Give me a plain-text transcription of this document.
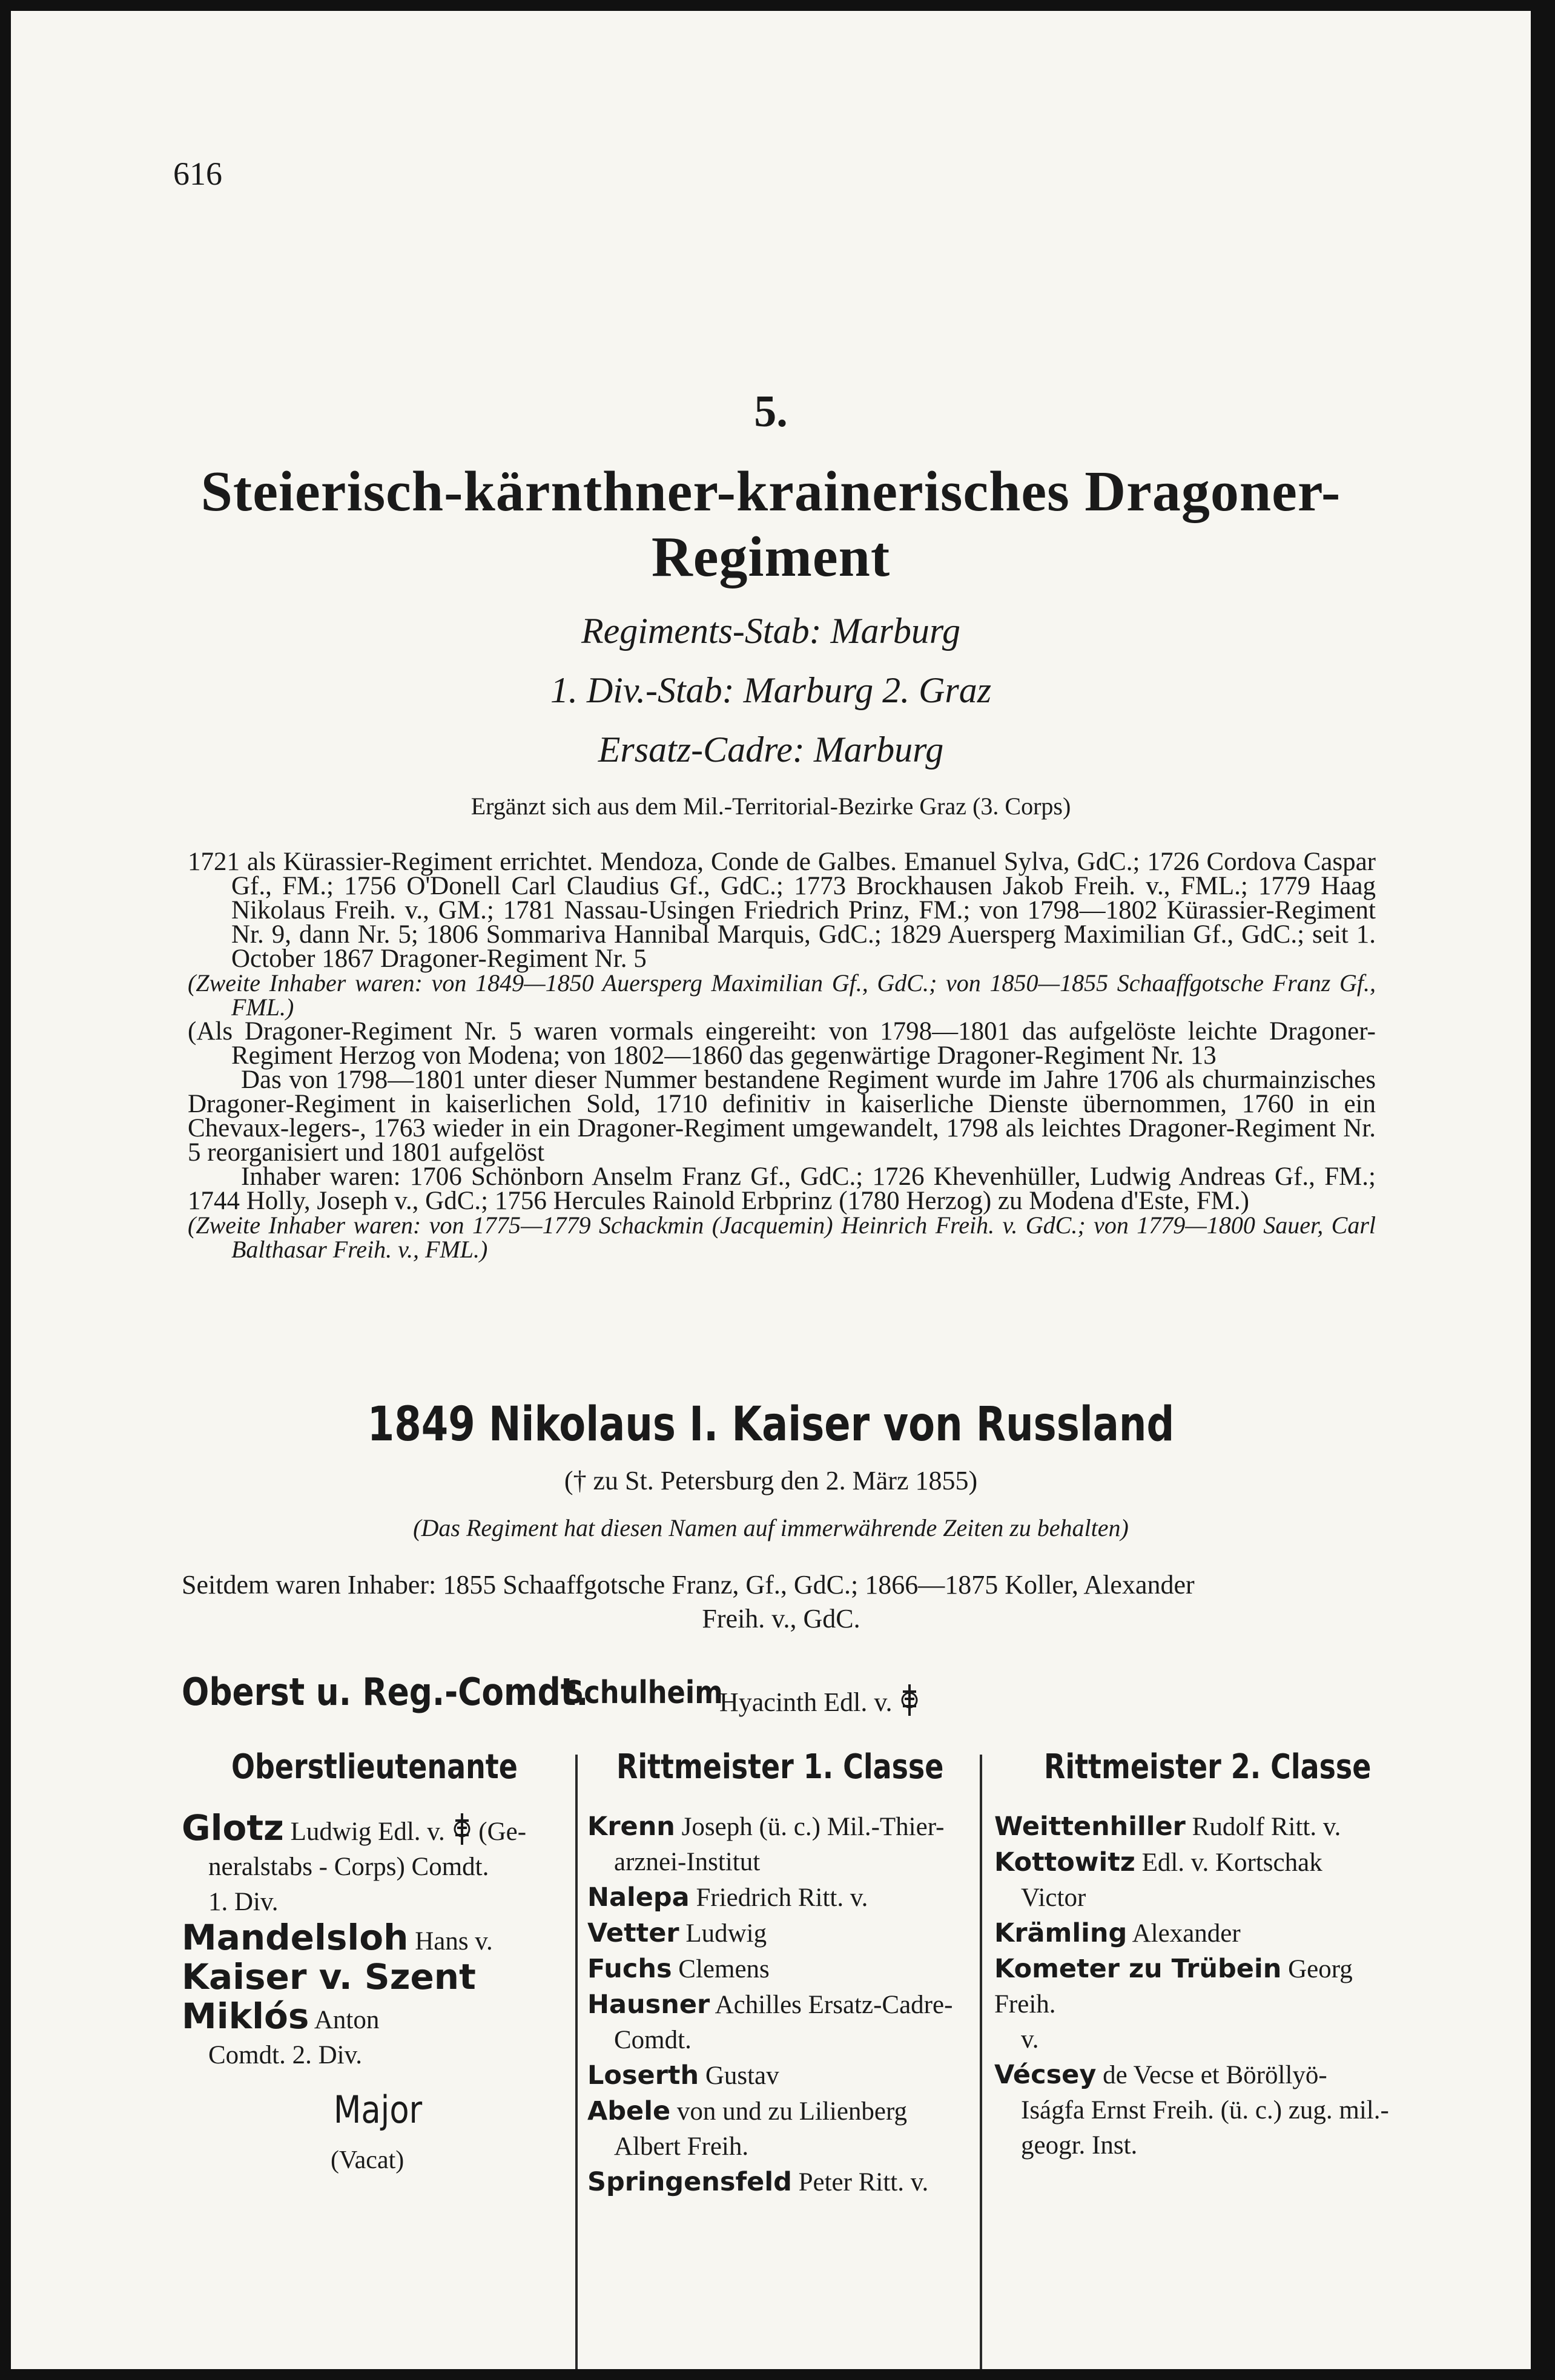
616
5.
Steierisch-kärnthner-krainerisches Dragoner-
Regiment
Regiments-Stab: Marburg
1. Div.-Stab: Marburg 2. Graz
Ersatz-Cadre: Marburg
Ergänzt sich aus dem Mil.-Territorial-Bezirke Graz (3. Corps)

1721 als Kürassier-Regiment errichtet. Mendoza, Conde de Galbes. Emanuel Sylva, GdC.; 1726 Cordova Caspar Gf., FM.; 1756 O'Donell Carl Claudius Gf., GdC.; 1773 Brockhausen Jakob Freih. v., FML.; 1779 Haag Nikolaus Freih. v., GM.; 1781 Nassau-Usingen Friedrich Prinz, FM.; von 1798—1802 Kürassier-Regiment Nr. 9, dann Nr. 5; 1806 Sommariva Hannibal Marquis, GdC.; 1829 Auersperg Maximilian Gf., GdC.; seit 1. October 1867 Dragoner-Regiment Nr. 5

(Zweite Inhaber waren: von 1849—1850 Auersperg Maximilian Gf., GdC.; von 1850—1855 Schaaffgotsche Franz Gf., FML.)

(Als Dragoner-Regiment Nr. 5 waren vormals eingereiht: von 1798—1801 das aufgelöste leichte Dragoner-Regiment Herzog von Modena; von 1802—1860 das gegenwärtige Dragoner-Regiment Nr. 13

Das von 1798—1801 unter dieser Nummer bestandene Regiment wurde im Jahre 1706 als churmainzisches Dragoner-Regiment in kaiserlichen Sold, 1710 definitiv in kaiserliche Dienste übernommen, 1760 in ein Chevaux-legers-, 1763 wieder in ein Dragoner-Regiment umgewandelt, 1798 als leichtes Dragoner-Regiment Nr. 5 reorganisiert und 1801 aufgelöst

Inhaber waren: 1706 Schönborn Anselm Franz Gf., GdC.; 1726 Khevenhüller, Ludwig Andreas Gf., FM.; 1744 Holly, Joseph v., GdC.; 1756 Hercules Rainold Erbprinz (1780 Herzog) zu Modena d'Este, FM.)

(Zweite Inhaber waren: von 1775—1779 Schackmin (Jacquemin) Heinrich Freih. v. GdC.; von 1779—1800 Sauer, Carl Balthasar Freih. v., FML.)

1849 Nikolaus I. Kaiser von Russland
(† zu St. Petersburg den 2. März 1855)
(Das Regiment hat diesen Namen auf immerwährende Zeiten zu behalten)
Seitdem waren Inhaber: 1855 Schaaffgotsche Franz, Gf., GdC.; 1866—1875 Koller, Alexander
Freih. v., GdC.
Oberst u. Reg.-Comdt.
Schulheim
Hyacinth Edl. v.
Oberstlieutenante
Glotz Ludwig Edl. v. (Ge-
neralstabs - Corps) Comdt.
1. Div.
Mandelsloh Hans v.
Kaiser v. Szent Miklós Anton
Comdt. 2. Div.
Major
(Vacat)
Rittmeister 1. Classe
Krenn Joseph (ü. c.) Mil.-Thier-
arznei-Institut
Nalepa Friedrich Ritt. v.
Vetter Ludwig
Fuchs Clemens
Hausner Achilles Ersatz-Cadre-
Comdt.
Loserth Gustav
Abele von und zu Lilienberg
Albert Freih.
Springensfeld Peter Ritt. v.
Rittmeister 2. Classe
Weittenhiller Rudolf Ritt. v.
Kottowitz Edl. v. Kortschak
Victor
Krämling Alexander
Kometer zu Trübein Georg Freih.
v.
Vécsey de Vecse et Böröllyö-
Iságfa Ernst Freih. (ü. c.) zug. mil.-geogr. Inst.
